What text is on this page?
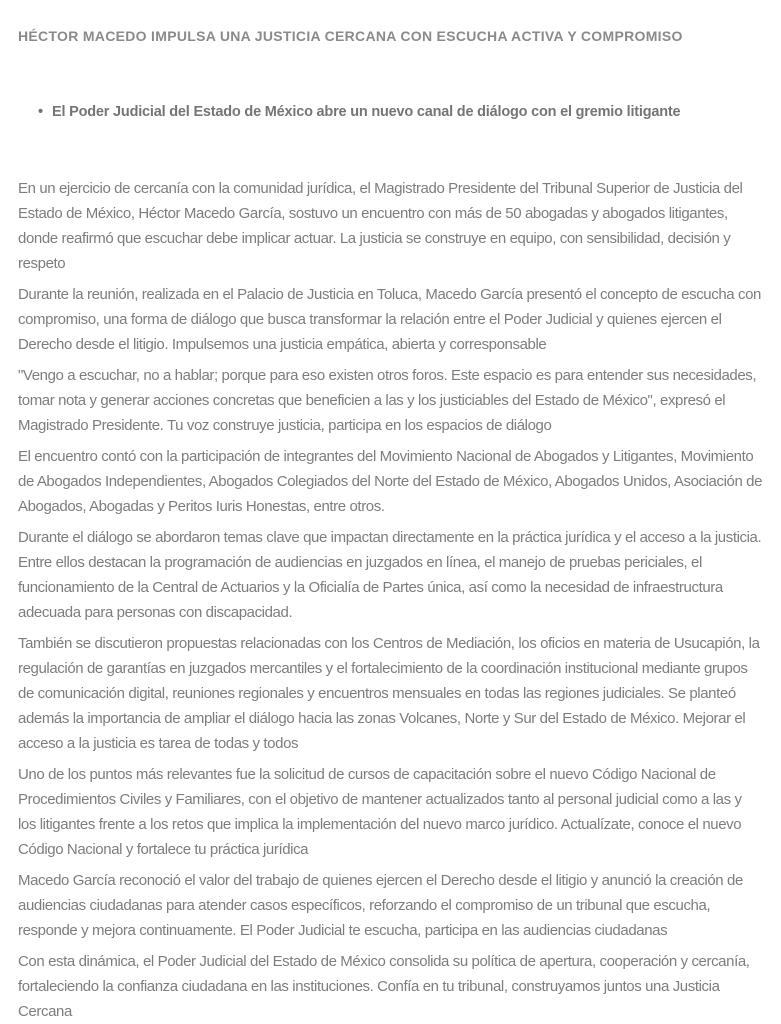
HÉCTOR MACEDO IMPULSA UNA JUSTICIA CERCANA CON ESCUCHA ACTIVA Y COMPROMISO
• El Poder Judicial del Estado de México abre un nuevo canal de diálogo con el gremio litigante

En un ejercicio de cercanía con la comunidad jurídica, el Magistrado Presidente del Tribunal Superior de Justicia del Estado de México, Héctor Macedo García, sostuvo un encuentro con más de 50 abogadas y abogados litigantes, donde reafirmó que escuchar debe implicar actuar. La justicia se construye en equipo, con sensibilidad, decisión y respeto

Durante la reunión, realizada en el Palacio de Justicia en Toluca, Macedo García presentó el concepto de escucha con compromiso, una forma de diálogo que busca transformar la relación entre el Poder Judicial y quienes ejercen el Derecho desde el litigio. Impulsemos una justicia empática, abierta y corresponsable

"Vengo a escuchar, no a hablar; porque para eso existen otros foros. Este espacio es para entender sus necesidades, tomar nota y generar acciones concretas que beneficien a las y los justiciables del Estado de México", expresó el Magistrado Presidente. Tu voz construye justicia, participa en los espacios de diálogo

El encuentro contó con la participación de integrantes del Movimiento Nacional de Abogados y Litigantes, Movimiento de Abogados Independientes, Abogados Colegiados del Norte del Estado de México, Abogados Unidos, Asociación de Abogados, Abogadas y Peritos Iuris Honestas, entre otros.

Durante el diálogo se abordaron temas clave que impactan directamente en la práctica jurídica y el acceso a la justicia. Entre ellos destacan la programación de audiencias en juzgados en línea, el manejo de pruebas periciales, el funcionamiento de la Central de Actuarios y la Oficialía de Partes única, así como la necesidad de infraestructura adecuada para personas con discapacidad.

También se discutieron propuestas relacionadas con los Centros de Mediación, los oficios en materia de Usucapión, la regulación de garantías en juzgados mercantiles y el fortalecimiento de la coordinación institucional mediante grupos de comunicación digital, reuniones regionales y encuentros mensuales en todas las regiones judiciales. Se planteó además la importancia de ampliar el diálogo hacia las zonas Volcanes, Norte y Sur del Estado de México. Mejorar el acceso a la justicia es tarea de todas y todos

Uno de los puntos más relevantes fue la solicitud de cursos de capacitación sobre el nuevo Código Nacional de Procedimientos Civiles y Familiares, con el objetivo de mantener actualizados tanto al personal judicial como a las y los litigantes frente a los retos que implica la implementación del nuevo marco jurídico. Actualízate, conoce el nuevo Código Nacional y fortalece tu práctica jurídica

Macedo García reconoció el valor del trabajo de quienes ejercen el Derecho desde el litigio y anunció la creación de audiencias ciudadanas para atender casos específicos, reforzando el compromiso de un tribunal que escucha, responde y mejora continuamente. El Poder Judicial te escucha, participa en las audiencias ciudadanas

Con esta dinámica, el Poder Judicial del Estado de México consolida su política de apertura, cooperación y cercanía, fortaleciendo la confianza ciudadana en las instituciones. Confía en tu tribunal, construyamos juntos una Justicia Cercana
